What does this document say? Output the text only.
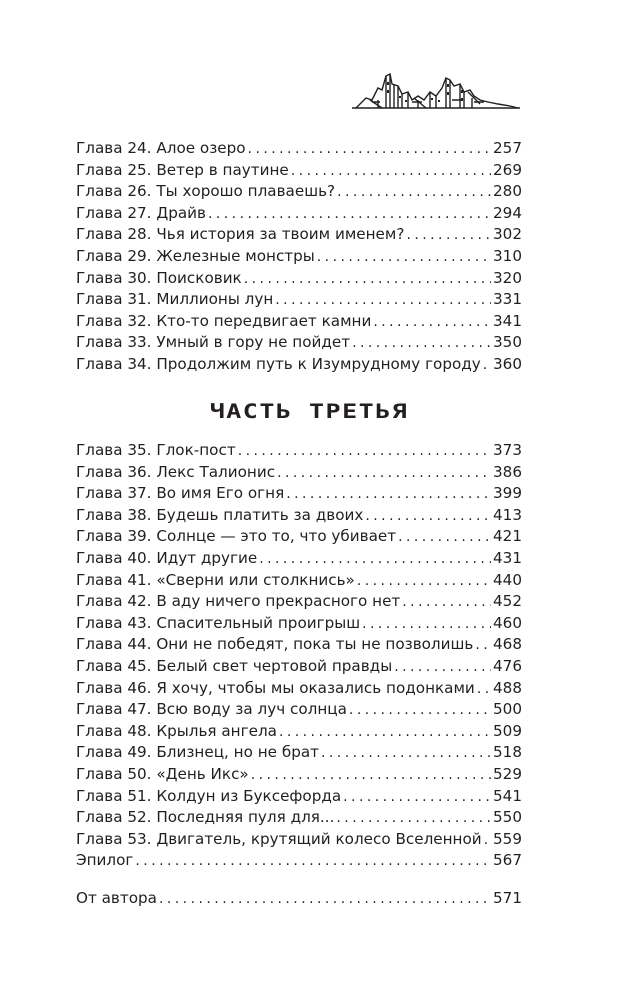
Глава 24. Алое озеро . . .	257
Глава 25. Ветер в паутине . . .	269
Глава 26. Ты хорошо плаваешь? . . .	280
Глава 27. Драйв . . .	294
Глава 28. Чья история за твоим именем? . . .	302
Глава 29. Железные монстры . . .	310
Глава 30. Поисковик . . .	320
Глава 31. Миллионы лун . . .	331
Глава 32. Кто-то передвигает камни . . .	341
Глава 33. Умный в гору не пойдет . . .	350
Глава 34. Продолжим путь к Изумрудному городу . . . 360
ЧАСТЬ ТРЕТЬЯ
Глава 35. Глок-пост . . .	373
Глава 36. Лекс Талионис . . .	386
Глава 37. Во имя Его огня . . .	399
Глава 38. Будешь платить за двоих . . .	413
Глава 39. Солнце — это то, что убивает . . .	421
Глава 40. Идут другие . . .	431
Глава 41. «Сверни или столкнись» . . .	440
Глава 42. В аду ничего прекрасного нет . . .	452
Глава 43. Спасительный проигрыш . . .	460
Глава 44. Они не победят, пока ты не позволишь . . . 468
Глава 45. Белый свет чертовой правды . . .	476
Глава 46. Я хочу, чтобы мы оказались подонками . . . 488
Глава 47. Всю воду за луч солнца . . .	500
Глава 48. Крылья ангела . . .	509
Глава 49. Близнец, но не брат . . .	518
Глава 50. «День Икс» . . .	529
Глава 51. Колдун из Буксефорда . . .	541
Глава 52. Последняя пуля для... . . .	550
Глава 53. Двигатель, крутящий колесо Вселенной . . . 559
Эпилог . . .	567
От автора . . .	571
